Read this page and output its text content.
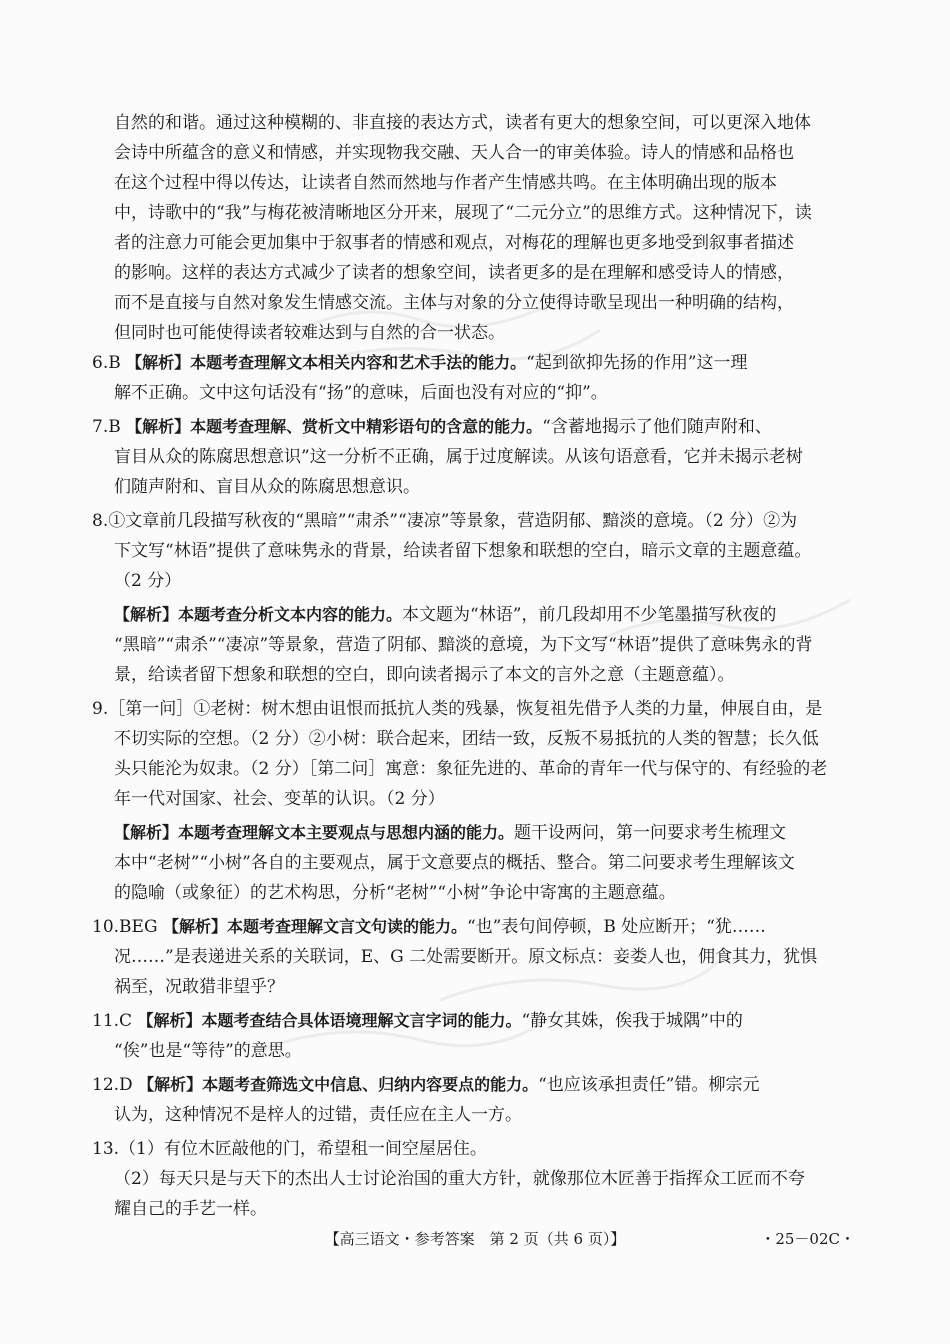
自然的和谐。通过这种模糊的、非直接的表达方式，读者有更大的想象空间，可以更深入地体
会诗中所蕴含的意义和情感，并实现物我交融、天人合一的审美体验。诗人的情感和品格也
在这个过程中得以传达，让读者自然而然地与作者产生情感共鸣。在主体明确出现的版本
中，诗歌中的“我”与梅花被清晰地区分开来，展现了“二元分立”的思维方式。这种情况下，读
者的注意力可能会更加集中于叙事者的情感和观点，对梅花的理解也更多地受到叙事者描述
的影响。这样的表达方式减少了读者的想象空间，读者更多的是在理解和感受诗人的情感，
而不是直接与自然对象发生情感交流。主体与对象的分立使得诗歌呈现出一种明确的结构，
但同时也可能使得读者较难达到与自然的合一状态。
6.B 【解析】本题考查理解文本相关内容和艺术手法的能力。“起到欲抑先扬的作用”这一理
解不正确。文中这句话没有“扬”的意味，后面也没有对应的“抑”。
7.B 【解析】本题考查理解、赏析文中精彩语句的含意的能力。“含蓄地揭示了他们随声附和、
盲目从众的陈腐思想意识”这一分析不正确，属于过度解读。从该句语意看，它并未揭示老树
们随声附和、盲目从众的陈腐思想意识。
8.①文章前几段描写秋夜的“黑暗”“肃杀”“凄凉”等景象，营造阴郁、黯淡的意境。（2 分）②为
下文写“林语”提供了意味隽永的背景，给读者留下想象和联想的空白，暗示文章的主题意蕴。
（2 分）
【解析】本题考查分析文本内容的能力。本文题为“林语”，前几段却用不少笔墨描写秋夜的
“黑暗”“肃杀”“凄凉”等景象，营造了阴郁、黯淡的意境，为下文写“林语”提供了意味隽永的背
景，给读者留下想象和联想的空白，即向读者揭示了本文的言外之意（主题意蕴）。
9.［第一问］①老树：树木想由诅恨而抵抗人类的残暴，恢复祖先借予人类的力量，伸展自由，是
不切实际的空想。（2 分）②小树：联合起来，团结一致，反叛不易抵抗的人类的智慧；长久低
头只能沦为奴隶。（2 分）［第二问］寓意：象征先进的、革命的青年一代与保守的、有经验的老
年一代对国家、社会、变革的认识。（2 分）
【解析】本题考查理解文本主要观点与思想内涵的能力。题干设两问，第一问要求考生梳理文
本中“老树”“小树”各自的主要观点，属于文意要点的概括、整合。第二问要求考生理解该文
的隐喻（或象征）的艺术构思，分析“老树”“小树”争论中寄寓的主题意蕴。
10.BEG 【解析】本题考查理解文言文句读的能力。“也”表句间停顿，B 处应断开；“犹……
况……”是表递进关系的关联词，E、G 二处需要断开。原文标点：妾娄人也，佣食其力，犹惧
祸至，况敢猎非望乎？
11.C 【解析】本题考查结合具体语境理解文言字词的能力。“静女其姝，俟我于城隅”中的
“俟”也是“等待”的意思。
12.D 【解析】本题考查筛选文中信息、归纳内容要点的能力。“也应该承担责任”错。柳宗元
认为，这种情况不是梓人的过错，责任应在主人一方。
13.（1）有位木匠敲他的门，希望租一间空屋居住。
（2）每天只是与天下的杰出人士讨论治国的重大方针，就像那位木匠善于指挥众工匠而不夸
耀自己的手艺一样。
【高三语文・参考答案　第 2 页（共 6 页）】	・25－02C・
